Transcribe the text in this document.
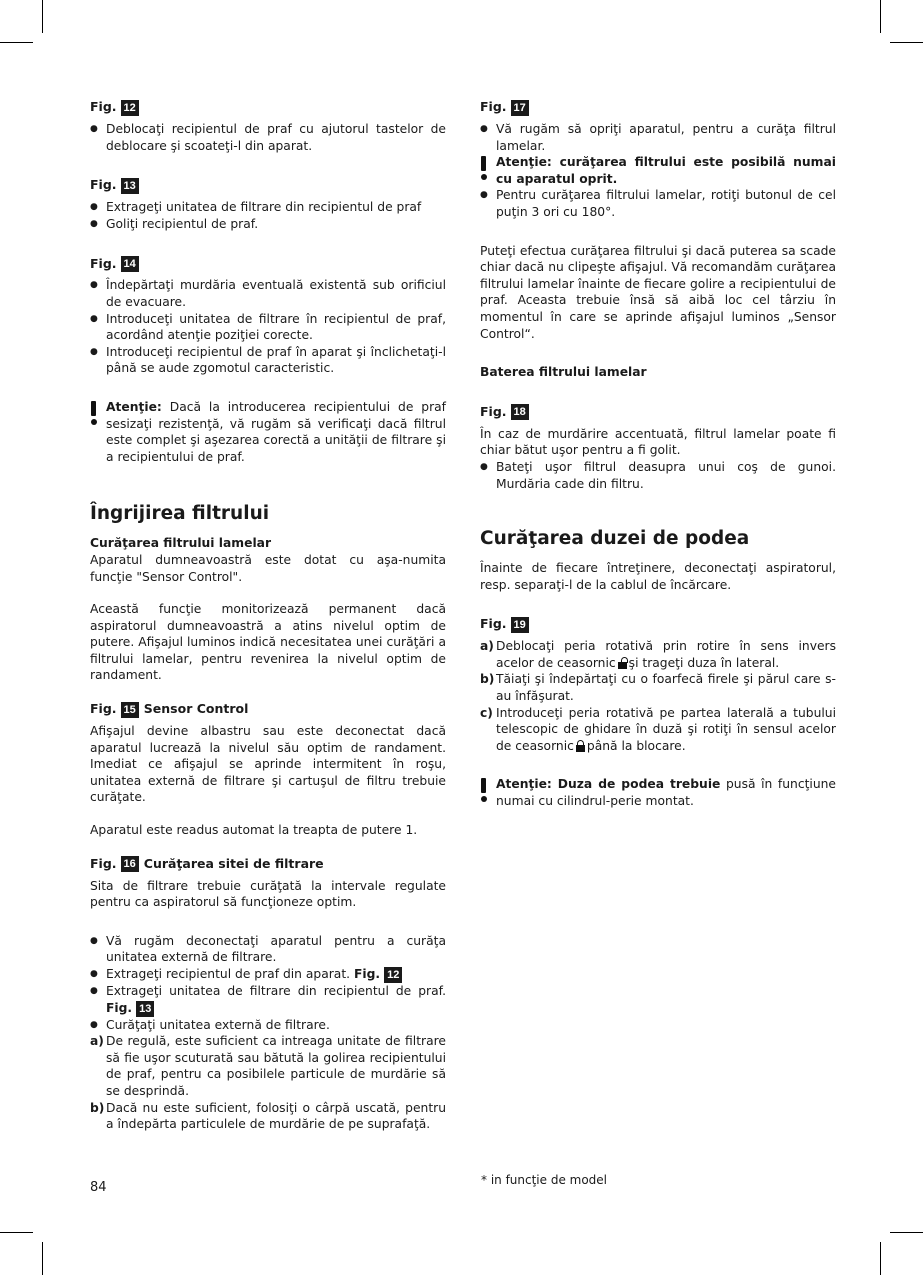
Fig. 12
● Deblocaţi recipientul de praf cu ajutorul tastelor de deblocare şi scoateţi-l din aparat.
Fig. 13
● Extrageţi unitatea de filtrare din recipientul de praf
● Goliţi recipientul de praf.
Fig. 14
● Îndepărtaţi murdăria eventuală existentă sub orificiul de evacuare.
● Introduceţi unitatea de filtrare în recipientul de praf, acordând atenţie poziţiei corecte.
● Introduceţi recipientul de praf în aparat şi înclichetaţi-l până se aude zgomotul caracteristic.
Atenţie: Dacă la introducerea recipientului de praf sesizaţi rezistenţă, vă rugăm să verificaţi dacă filtrul este complet şi aşezarea corectă a unităţii de filtrare şi a recipientului de praf.
Îngrijirea filtrului
Curăţarea filtrului lamelar

Aparatul dumneavoastră este dotat cu aşa-numita funcţie "Sensor Control".

Această funcţie monitorizează permanent dacă aspiratorul dumneavoastră a atins nivelul optim de putere. Afişajul luminos indică necesitatea unei curăţări a filtrului lamelar, pentru revenirea la nivelul optim de randament.

Fig. 15 Sensor Control

Afişajul devine albastru sau este deconectat dacă aparatul lucrează la nivelul său optim de randament. Imediat ce afişajul se aprinde intermitent în roşu, unitatea externă de filtrare şi cartuşul de filtru trebuie curăţate.

Aparatul este readus automat la treapta de putere 1.

Fig. 16 Curăţarea sitei de filtrare

Sita de filtrare trebuie curăţată la intervale regulate pentru ca aspiratorul să funcţioneze optim.

● Vă rugăm deconectaţi aparatul pentru a curăţa unitatea externă de filtrare.
● Extrageţi recipientul de praf din aparat. Fig. 12
● Extrageţi unitatea de filtrare din recipientul de praf. Fig. 13
● Curăţaţi unitatea externă de filtrare.
a) De regulă, este suficient ca intreaga unitate de filtrare să fie uşor scuturată sau bătută la golirea recipientului de praf, pentru ca posibilele particule de murdărie să se desprindă.
b) Dacă nu este suficient, folosiţi o cârpă uscată, pentru a îndepărta particulele de murdărie de pe suprafaţă.
Fig. 17
● Vă rugăm să opriţi aparatul, pentru a curăţa filtrul lamelar.
Atenţie: curăţarea filtrului este posibilă numai cu aparatul oprit.
● Pentru curăţarea filtrului lamelar, rotiţi butonul de cel puţin 3 ori cu 180°.

Puteţi efectua curăţarea filtrului şi dacă puterea sa scade chiar dacă nu clipeşte afişajul. Vă recomandăm curăţarea filtrului lamelar înainte de fiecare golire a recipientului de praf. Aceasta trebuie însă să aibă loc cel târziu în momentul în care se aprinde afişajul luminos „Sensor Control“.

Baterea filtrului lamelar
Fig. 18

În caz de murdărire accentuată, filtrul lamelar poate fi chiar bătut uşor pentru a fi golit.

● Bateţi uşor filtrul deasupra unui coş de gunoi. Murdăria cade din filtru.
Curăţarea duzei de podea

Înainte de fiecare întreţinere, deconectaţi aspiratorul, resp. separaţi-l de la cablul de încărcare.

Fig. 19
a) Deblocaţi peria rotativă prin rotire în sens invers acelor de ceasornic şi trageţi duza în lateral.
b) Tăiaţi şi îndepărtaţi cu o foarfecă firele şi părul care s-au înfăşurat.
c) Introduceţi peria rotativă pe partea laterală a tubului telescopic de ghidare în duză şi rotiţi în sensul acelor de ceasornic până la blocare.
Atenţie: Duza de podea trebuie pusă în funcţiune numai cu cilindrul-perie montat.
84	* in funcţie de model
